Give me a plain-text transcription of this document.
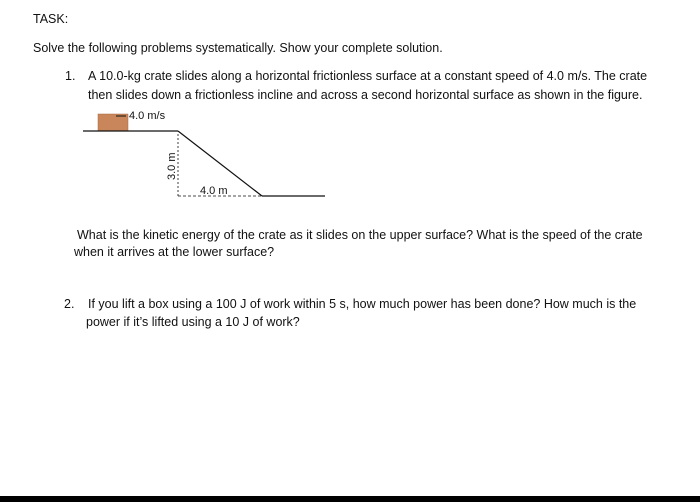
TASK:
Solve the following problems systematically. Show your complete solution.
1. A 10.0-kg crate slides along a horizontal frictionless surface at a constant speed of 4.0 m/s. The crate
then slides down a frictionless incline and across a second horizontal surface as shown in the figure.
4.0 m/s
3.0 m
4.0 m
What is the kinetic energy of the crate as it slides on the upper surface? What is the speed of the crate
when it arrives at the lower surface?
2. If you lift a box using a 100 J of work within 5 s, how much power has been done? How much is the
power if it’s lifted using a 10 J of work?
